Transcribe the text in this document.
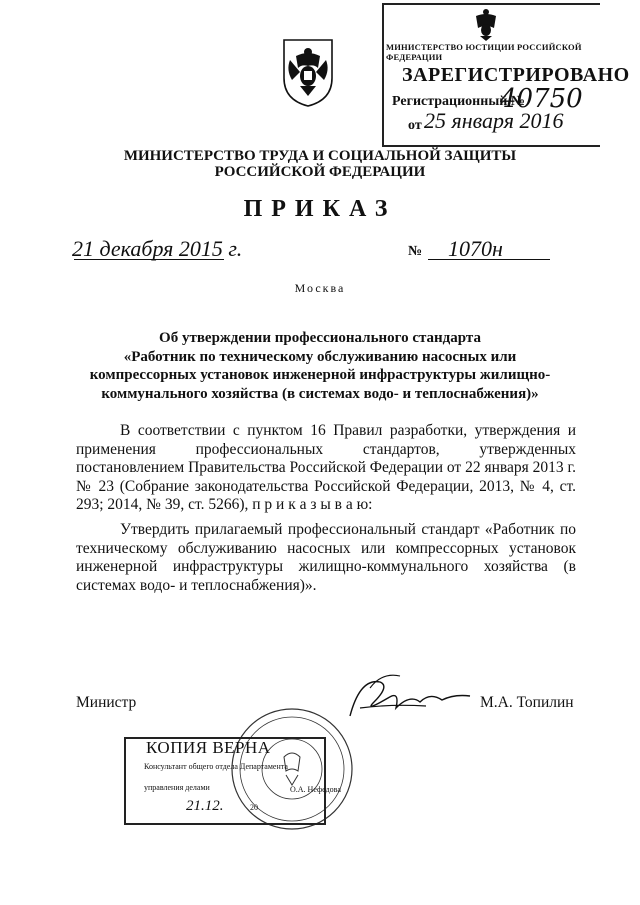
МИНИСТЕРСТВО ЮСТИЦИИ РОССИЙСКОЙ ФЕДЕРАЦИИ
ЗАРЕГИСТРИРОВАНО
Регистрационный №
40750
от 25 января 2016
МИНИСТЕРСТВО ТРУДА И СОЦИАЛЬНОЙ ЗАЩИТЫ
РОССИЙСКОЙ ФЕДЕРАЦИИ
ПРИКАЗ
21 декабря 2015 г.	№ 1070н
Москва
Об утверждении профессионального стандарта
«Работник по техническому обслуживанию насосных или
компрессорных установок инженерной инфраструктуры жилищно-
коммунального хозяйства (в системах водо- и теплоснабжения)»
В соответствии с пунктом 16 Правил разработки, утверждения и применения профессиональных стандартов, утвержденных постановлением Правительства Российской Федерации от 22 января 2013 г. № 23 (Собрание законодательства Российской Федерации, 2013, № 4, ст. 293; 2014, № 39, ст. 5266), п р и к а з ы в а ю:
Утвердить прилагаемый профессиональный стандарт «Работник по техническому обслуживанию насосных или компрессорных установок инженерной инфраструктуры жилищно-коммунального хозяйства (в системах водо- и теплоснабжения)».
Министр	М.А. Топилин
КОПИЯ ВЕРНА
Консультант общего отдела Департамента
управления делами	О.А. Нефедова
21.12.	20
